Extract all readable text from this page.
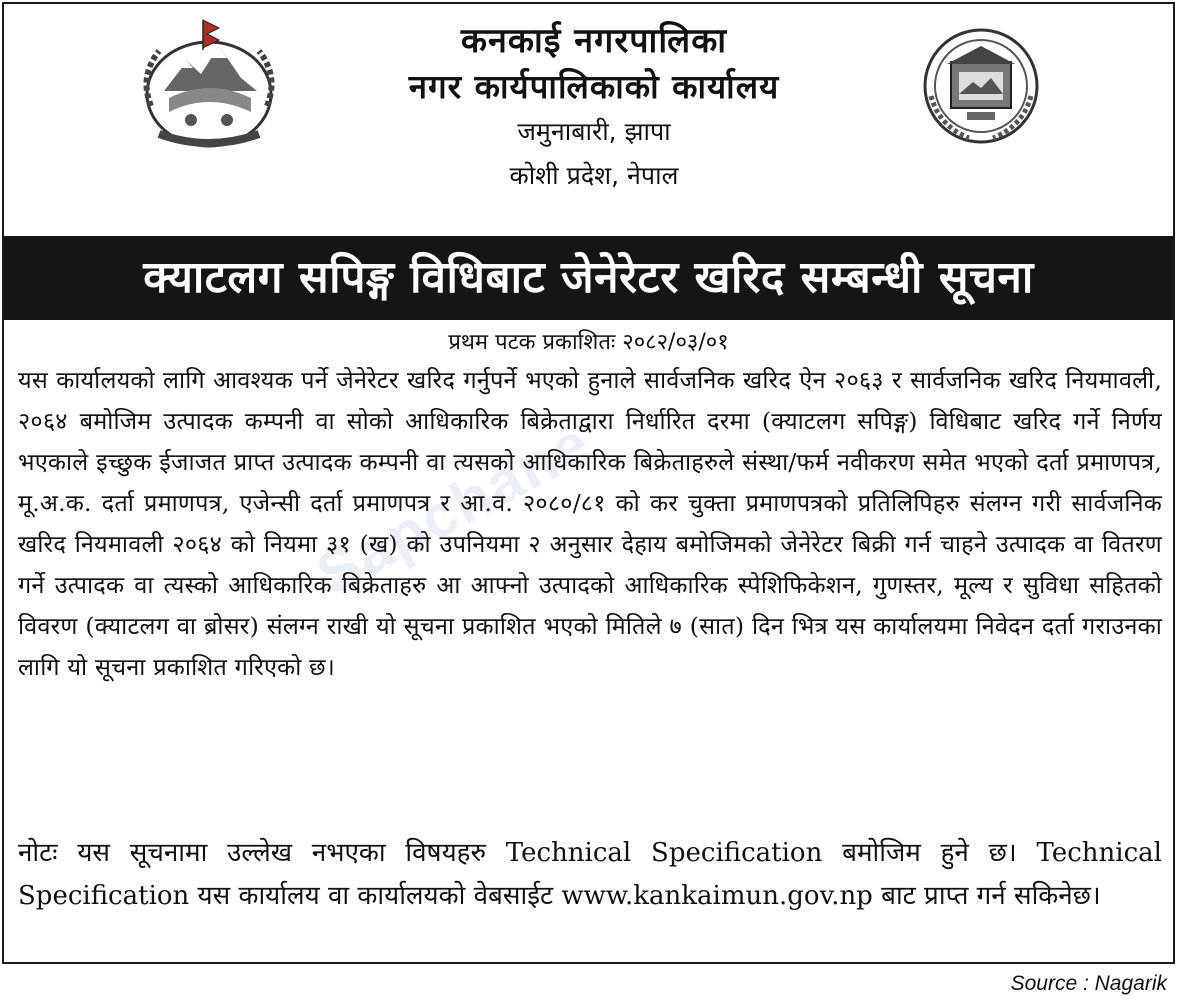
कनकाई नगरपालिका
नगर कार्यपालिकाको कार्यालय
जमुनाबारी, झापा
कोशी प्रदेश, नेपाल
क्याटलग सपिङ्ग विधिबाट जेनेरेटर खरिद सम्बन्धी सूचना
प्रथम पटक प्रकाशितः २०८२/०३/०१
Sapchane
यस कार्यालयको लागि आवश्यक पर्ने जेनेरेटर खरिद गर्नुपर्ने भएको हुनाले सार्वजनिक खरिद ऐन २०६३ र सार्वजनिक खरिद नियमावली, २०६४ बमोजिम उत्पादक कम्पनी वा सोको आधिकारिक बिक्रेताद्वारा निर्धारित दरमा (क्याटलग सपिङ्ग) विधिबाट खरिद गर्ने निर्णय भएकाले इच्छुक ईजाजत प्राप्त उत्पादक कम्पनी वा त्यसको आधिकारिक बिक्रेताहरुले संस्था/फर्म नवीकरण समेत भएको दर्ता प्रमाणपत्र, मू.अ.क. दर्ता प्रमाणपत्र, एजेन्सी दर्ता प्रमाणपत्र र आ.व. २०८०/८१ को कर चुक्ता प्रमाणपत्रको प्रतिलिपिहरु संलग्न गरी सार्वजनिक खरिद नियमावली २०६४ को नियमा ३१ (ख) को उपनियमा २ अनुसार देहाय बमोजिमको जेनेरेटर बिक्री गर्न चाहने उत्पादक वा वितरण गर्ने उत्पादक वा त्यस्को आधिकारिक बिक्रेताहरु आ आफ्नो उत्पादको आधिकारिक स्पेशिफिकेशन, गुणस्तर, मूल्य र सुविधा सहितको विवरण (क्याटलग वा ब्रोसर) संलग्न राखी यो सूचना प्रकाशित भएको मितिले ७ (सात) दिन भित्र यस कार्यालयमा निवेदन दर्ता गराउनका लागि यो सूचना प्रकाशित गरिएको छ।
नोटः यस सूचनामा उल्लेख नभएका विषयहरु Technical Specification बमोजिम हुने छ। Technical Specification यस कार्यालय वा कार्यालयको वेबसाईट www.kankaimun.gov.np बाट प्राप्त गर्न सकिनेछ।
Source : Nagarik
